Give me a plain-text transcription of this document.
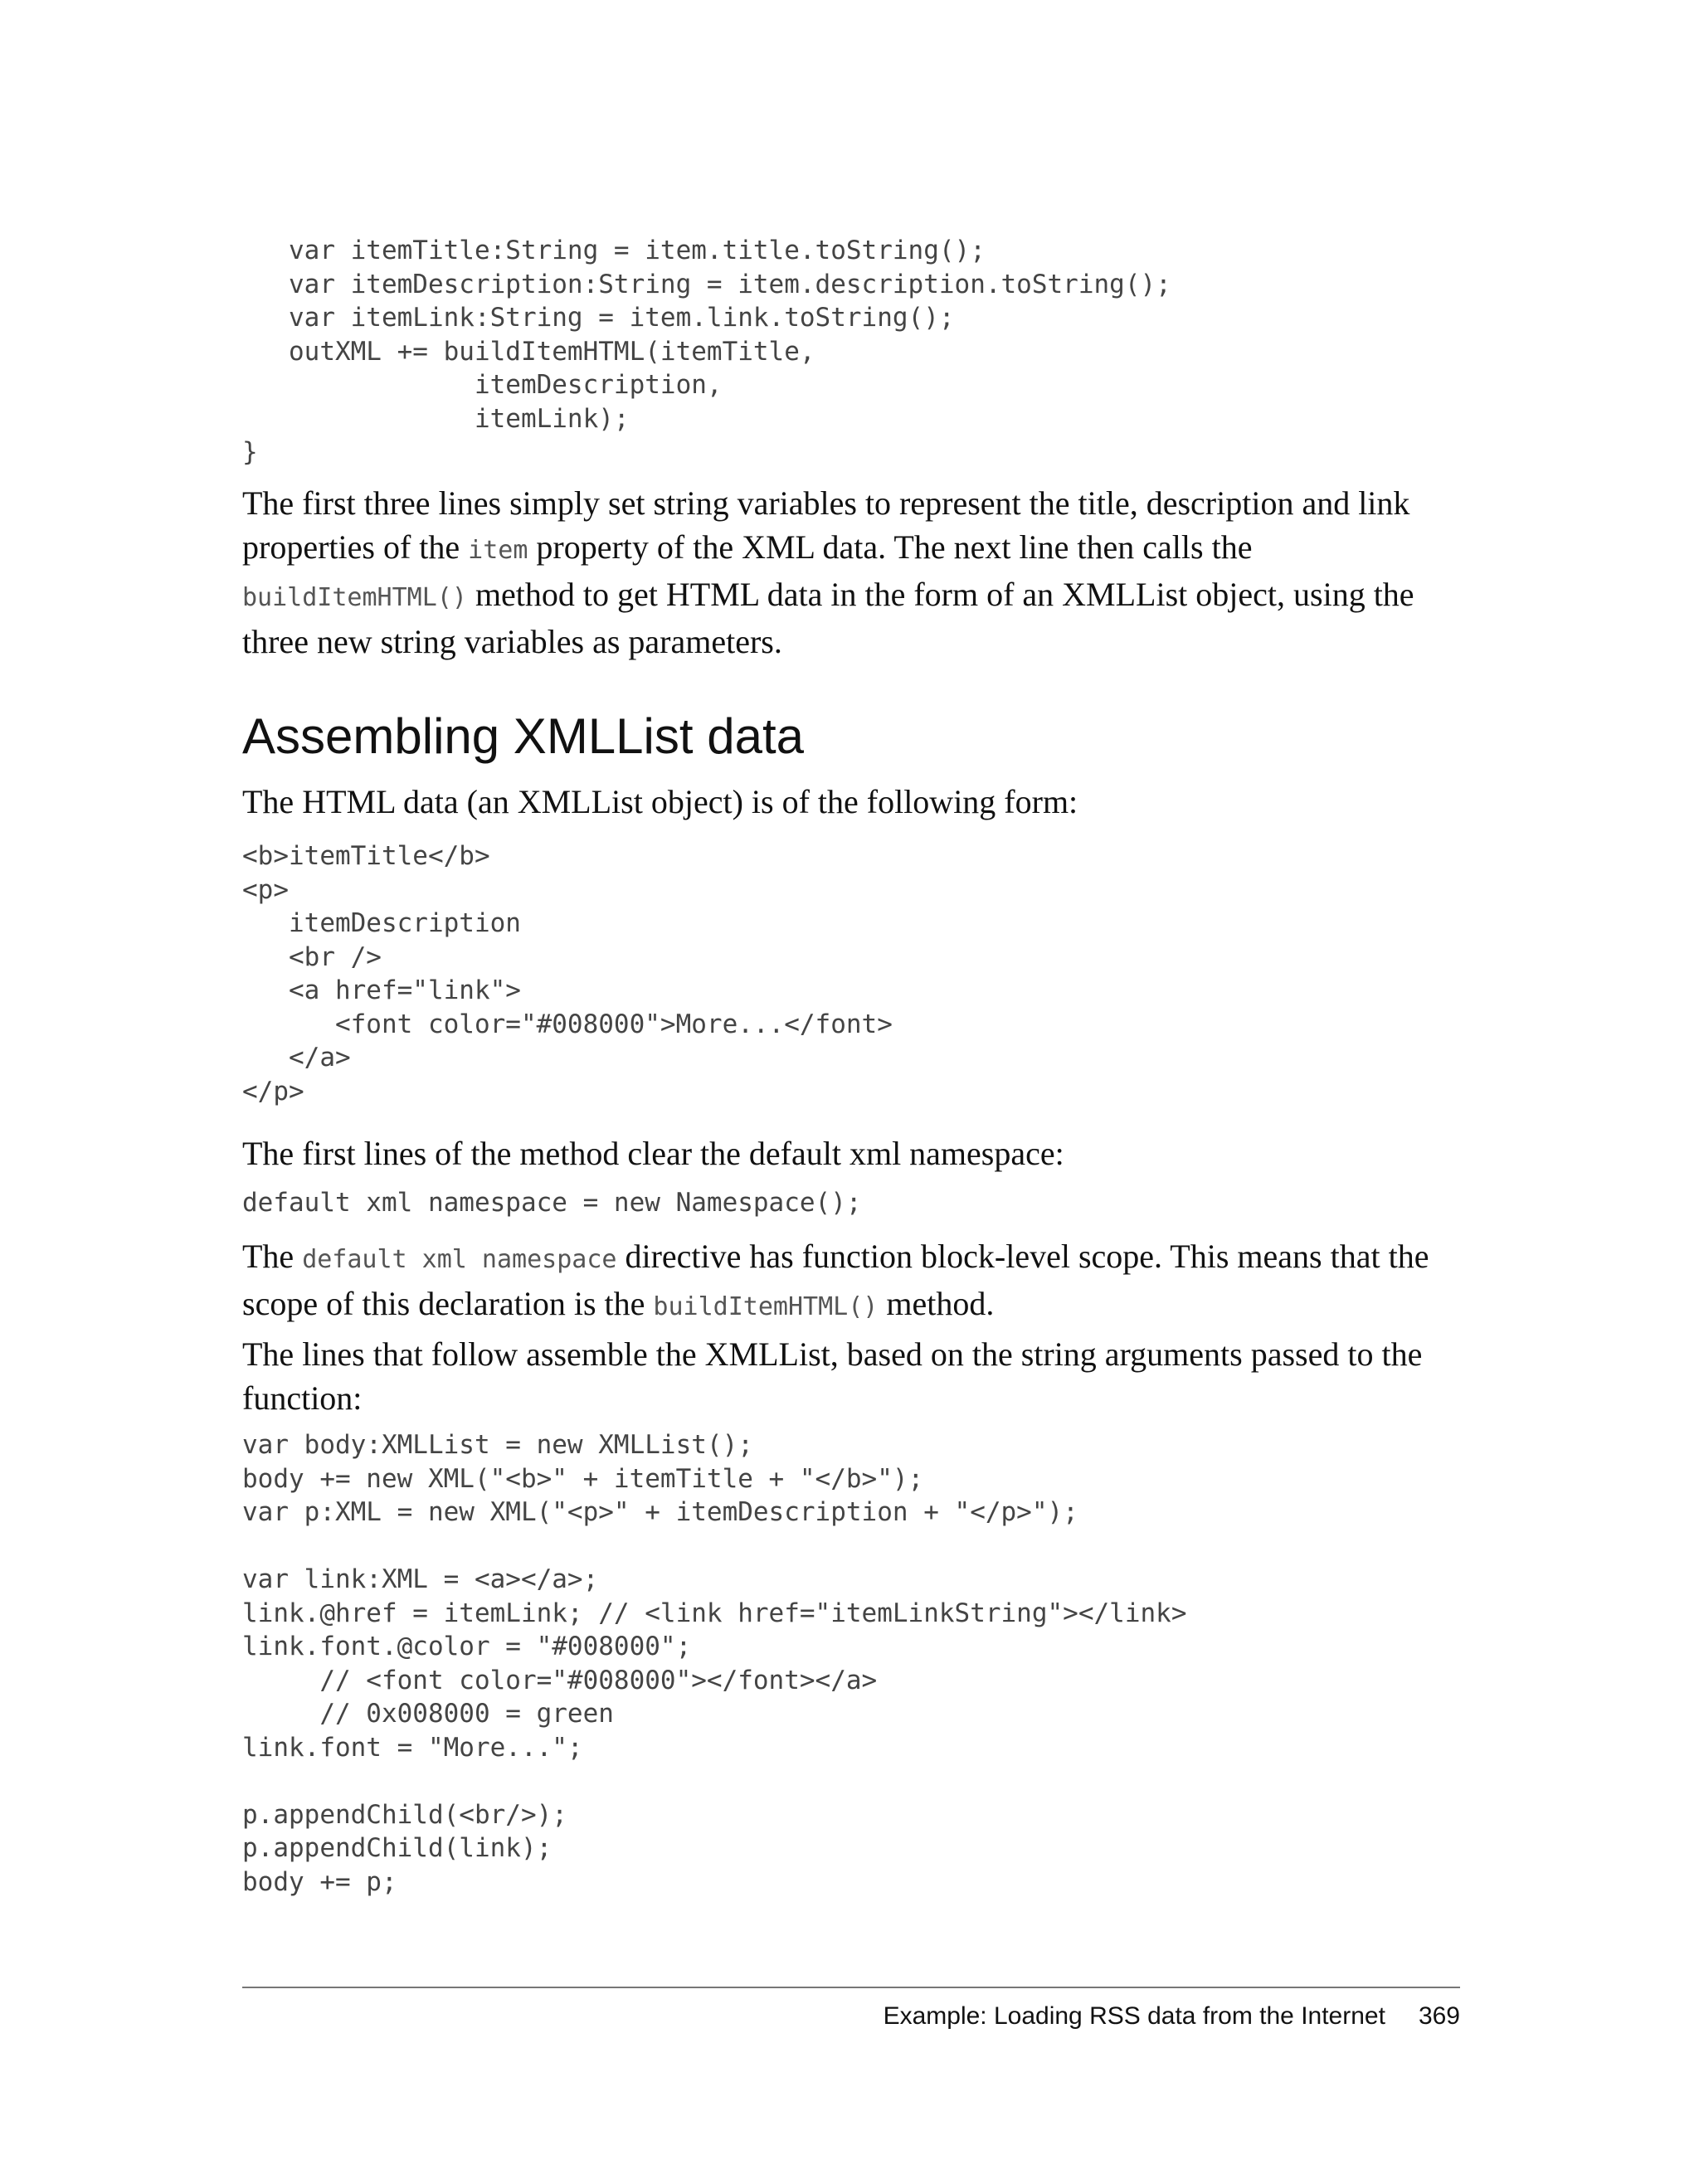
var itemTitle:String = item.title.toString();
var itemDescription:String = item.description.toString();
var itemLink:String = item.link.toString();
outXML += buildItemHTML(itemTitle,
itemDescription,
itemLink);
}

The first three lines simply set string variables to represent the title, description and link properties of the item property of the XML data. The next line then calls the buildItemHTML() method to get HTML data in the form of an XMLList object, using the three new string variables as parameters.

Assembling XMLList data

The HTML data (an XMLList object) is of the following form:

<b>itemTitle</b>
<p>
itemDescription
<br />
<a href="link">
<font color="#008000">More...</font>
</a>
</p>

The first lines of the method clear the default xml namespace:

default xml namespace = new Namespace();

The default xml namespace directive has function block-level scope. This means that the scope of this declaration is the buildItemHTML() method.

The lines that follow assemble the XMLList, based on the string arguments passed to the function:

var body:XMLList = new XMLList();
body += new XML("<b>" + itemTitle + "</b>");
var p:XML = new XML("<p>" + itemDescription + "</p>");
var link:XML = <a></a>;
link.@href = itemLink; // <link href="itemLinkString"></link>
link.font.@color = "#008000";
// <font color="#008000"></font></a>
// 0x008000 = green
link.font = "More...";
p.appendChild(<br/>);
p.appendChild(link);
body += p;
Example: Loading RSS data from the Internet 369
